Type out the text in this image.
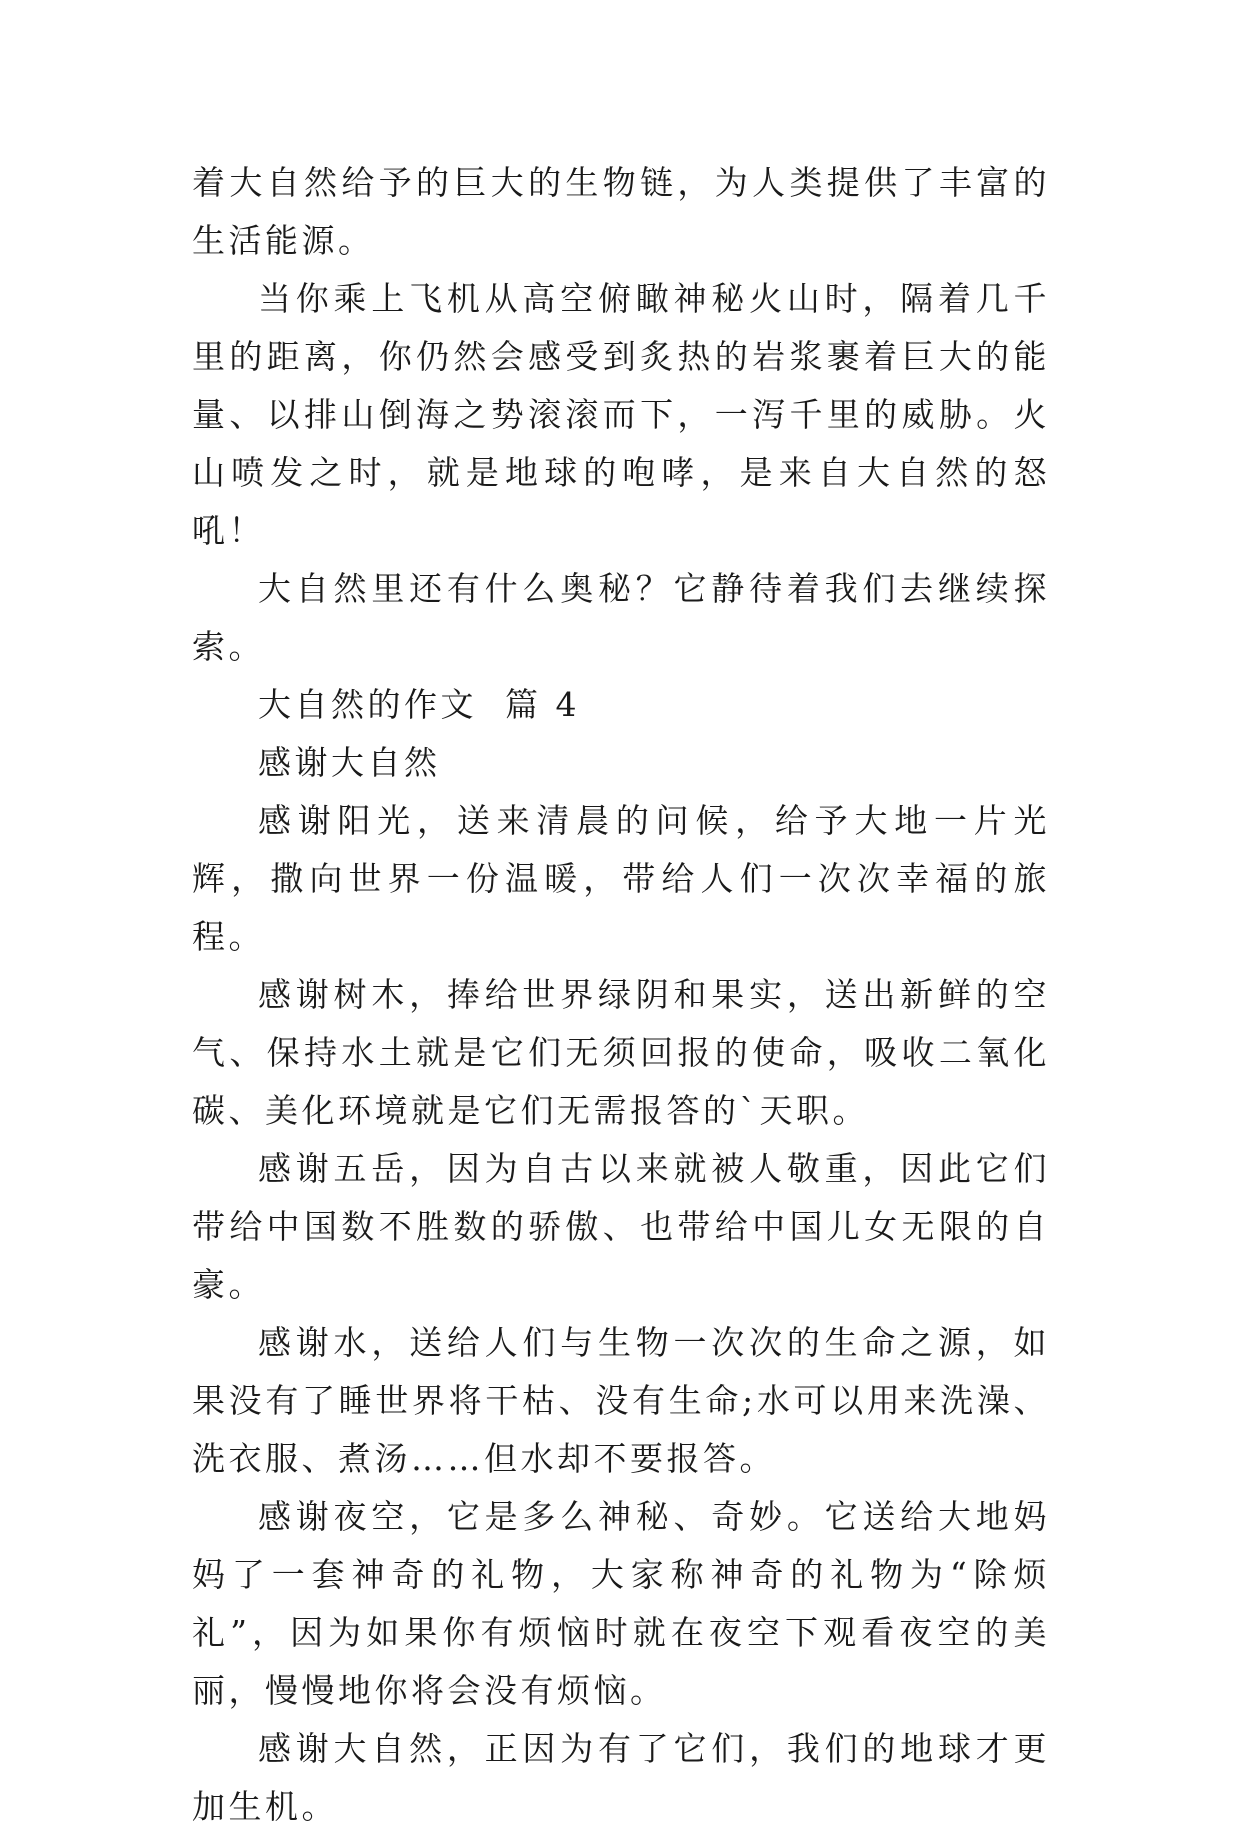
着大自然给予的巨大的生物链，为人类提供了丰富的生活能源。

当你乘上飞机从高空俯瞰神秘火山时，隔着几千里的距离，你仍然会感受到炙热的岩浆裹着巨大的能量、以排山倒海之势滚滚而下，一泻千里的威胁。火山喷发之时，就是地球的咆哮，是来自大自然的怒吼！

大自然里还有什么奥秘？它静待着我们去继续探索。

大自然的作文  篇 4

感谢大自然

感谢阳光，送来清晨的问候，给予大地一片光辉，撒向世界一份温暖，带给人们一次次幸福的旅程。

感谢树木，捧给世界绿阴和果实，送出新鲜的空气、保持水土就是它们无须回报的使命，吸收二氧化碳、美化环境就是它们无需报答的`天职。

感谢五岳，因为自古以来就被人敬重，因此它们带给中国数不胜数的骄傲、也带给中国儿女无限的自豪。

感谢水，送给人们与生物一次次的生命之源，如果没有了睡世界将干枯、没有生命;水可以用来洗澡、洗衣服、煮汤……但水却不要报答。

感谢夜空，它是多么神秘、奇妙。它送给大地妈妈了一套神奇的礼物，大家称神奇的礼物为“除烦礼”，因为如果你有烦恼时就在夜空下观看夜空的美丽，慢慢地你将会没有烦恼。

感谢大自然，正因为有了它们，我们的地球才更加生机。
